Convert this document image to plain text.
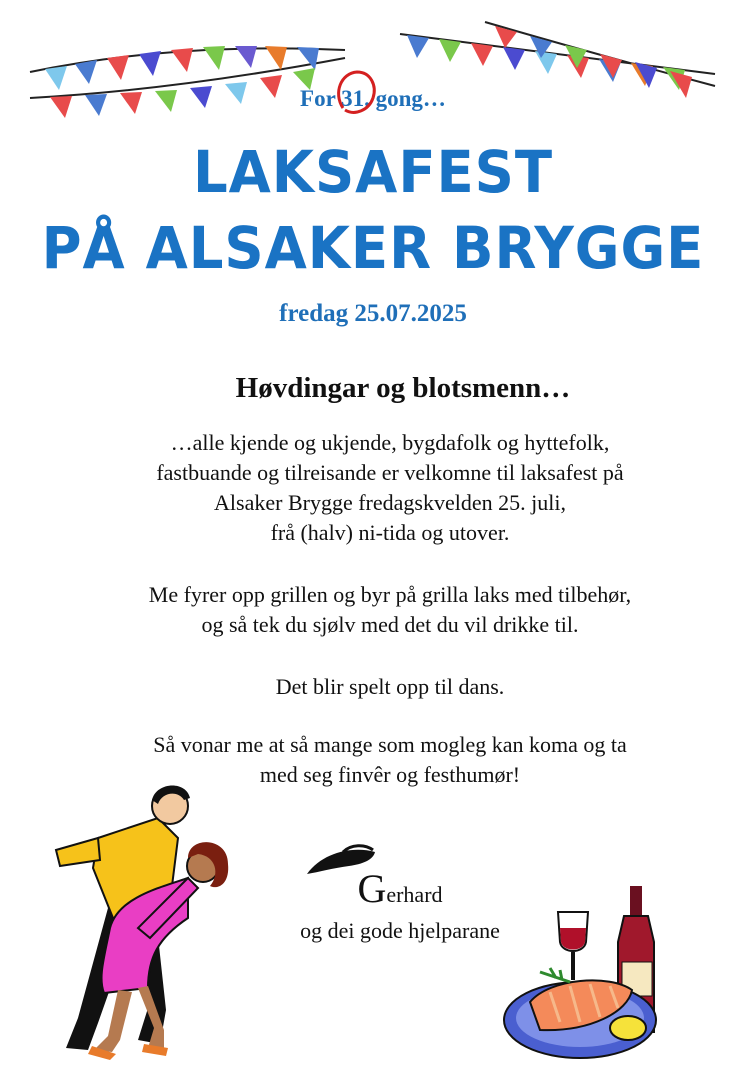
For 31.
gong…
LAKSAFEST
PÅ ALSAKER BRYGGE
fredag 25.07.2025
Høvdingar og blotsmenn…
…alle kjende og ukjende, bygdafolk og hyttefolk,
fastbuande og tilreisande er velkomne til laksafest på
Alsaker Brygge fredagskvelden 25. juli,
frå (halv) ni-tida og utover.
Me fyrer opp grillen og byr på grilla laks med tilbehør,
og så tek du sjølv med det du vil drikke til.
Det blir spelt opp til dans.
Så vonar me at så mange som mogleg kan koma og ta
med seg finvêr og festhumør!
Gerhard
og dei gode hjelparane
